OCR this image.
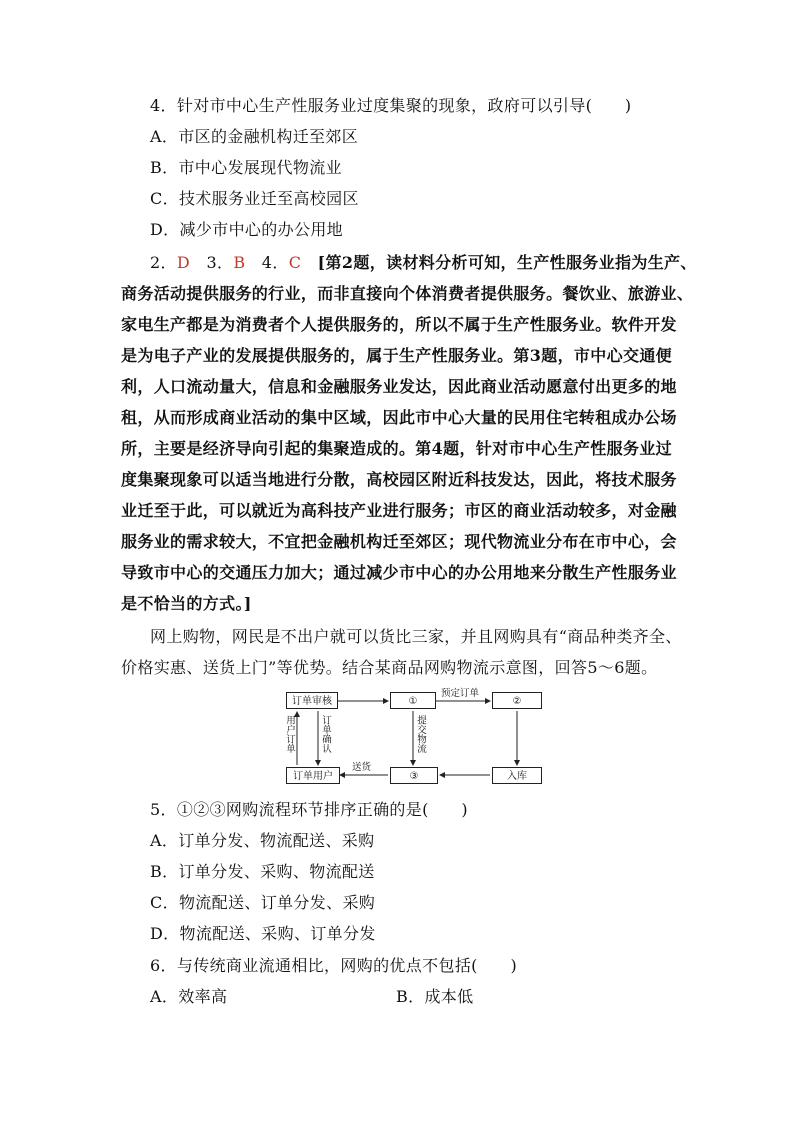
4．针对市中心生产性服务业过度集聚的现象，政府可以引导(　　)
A．市区的金融机构迁至郊区
B．市中心发展现代物流业
C．技术服务业迁至高校园区
D．减少市中心的办公用地
2．D　 3．B　 4．C　 [第2题，读材料分析可知，生产性服务业指为生产、
商务活动提供服务的行业，而非直接向个体消费者提供服务。餐饮业、旅游业、
家电生产都是为消费者个人提供服务的，所以不属于生产性服务业。软件开发
是为电子产业的发展提供服务的，属于生产性服务业。第3题，市中心交通便
利，人口流动量大，信息和金融服务业发达，因此商业活动愿意付出更多的地
租，从而形成商业活动的集中区域，因此市中心大量的民用住宅转租成办公场
所，主要是经济导向引起的集聚造成的。第4题，针对市中心生产性服务业过
度集聚现象可以适当地进行分散，高校园区附近科技发达，因此，将技术服务
业迁至于此，可以就近为高科技产业进行服务；市区的商业活动较多，对金融
服务业的需求较大，不宜把金融机构迁至郊区；现代物流业分布在市中心，会
导致市中心的交通压力加大；通过减少市中心的办公用地来分散生产性服务业
是不恰当的方式。]
网上购物，网民是不出户就可以货比三家，并且网购具有“商品种类齐全、
价格实惠、送货上门”等优势。结合某商品网购物流示意图，回答5～6题。
订单审核	①	②
订单用户	③	入库
预定订单
用户订单	订单确认	提交物流
送货
5．①②③网购流程环节排序正确的是(　　)
A．订单分发、物流配送、采购
B．订单分发、采购、物流配送
C．物流配送、订单分发、采购
D．物流配送、采购、订单分发
6．与传统商业流通相比，网购的优点不包括(　　)
A．效率高	B．成本低
